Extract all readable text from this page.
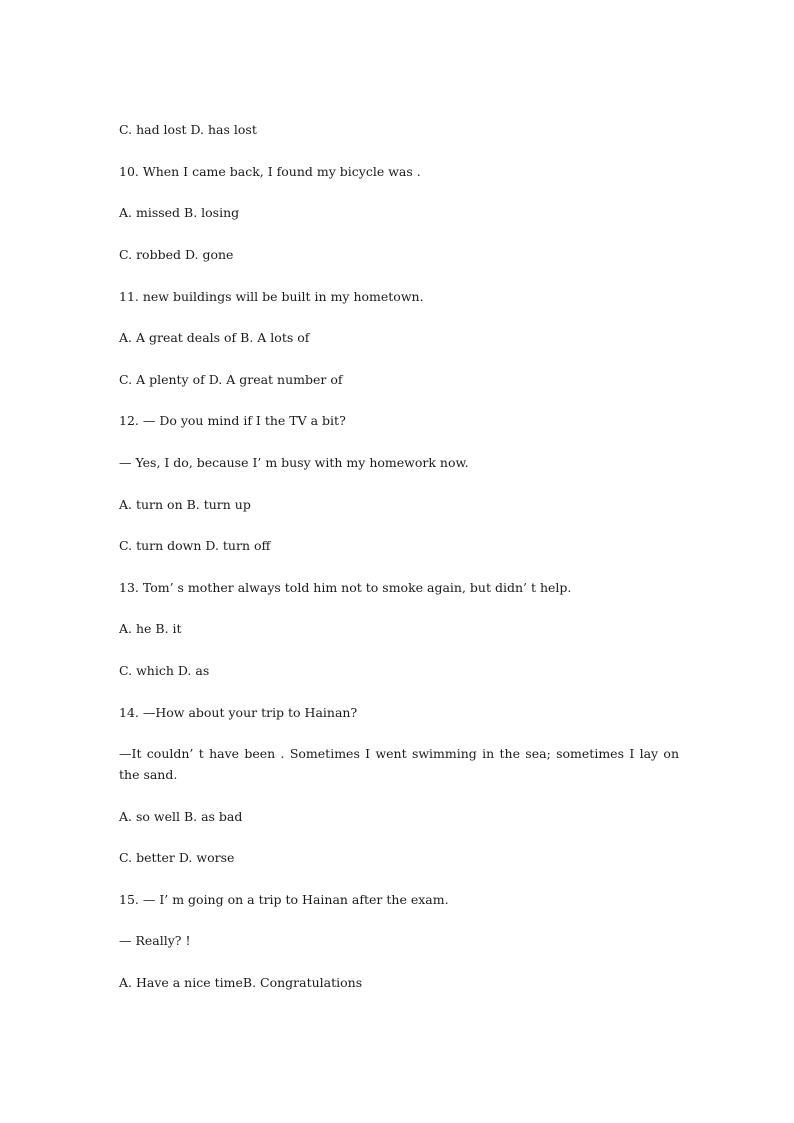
C. had lost D. has lost
10. When I came back, I found my bicycle was .
A. missed B. losing
C. robbed D. gone
11. new buildings will be built in my hometown.
A. A great deals of B. A lots of
C. A plenty of D. A great number of
12. — Do you mind if I the TV a bit?
— Yes, I do, because I’ m busy with my homework now.
A. turn on B. turn up
C. turn down D. turn off
13. Tom’ s mother always told him not to smoke again, but didn’ t help.
A. he B. it
C. which D. as
14. —How about your trip to Hainan?
—It couldn’ t have been . Sometimes I went swimming in the sea; sometimes I lay on the sand.
A. so well B. as bad
C. better D. worse
15. — I’ m going on a trip to Hainan after the exam.
— Really? !
A. Have a nice timeB. Congratulations
